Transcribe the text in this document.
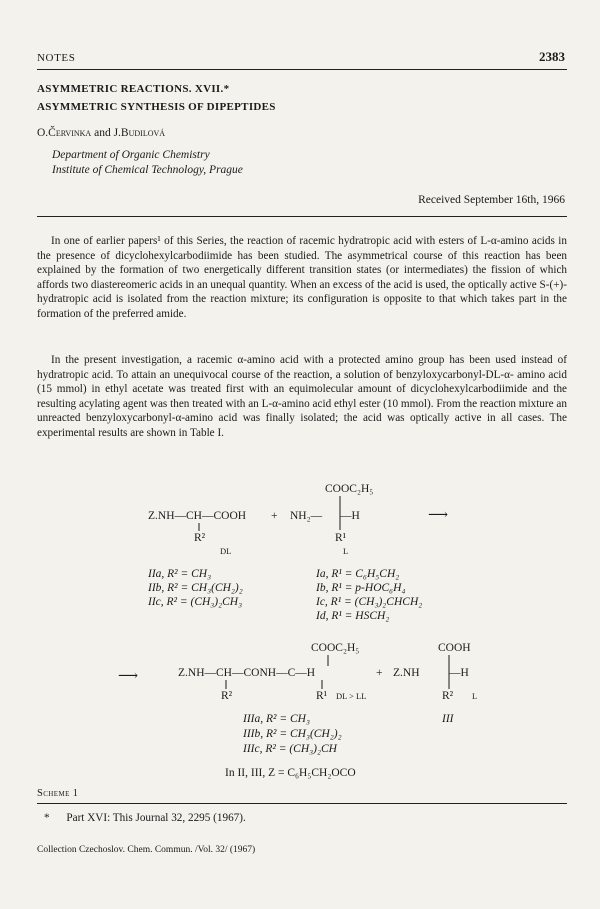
NOTES	2383
ASYMMETRIC REACTIONS. XVII.*
ASYMMETRIC SYNTHESIS OF DIPEPTIDES
O.Červinka and J.Budilová
Department of Organic Chemistry
Institute of Chemical Technology, Prague
Received September 16th, 1966
In one of earlier papers¹ of this Series, the reaction of racemic hydratropic acid with esters of L-α-amino acids in the presence of dicyclohexylcarbodiimide has been studied. The asymmetrical course of this reaction has been explained by the formation of two energetically different transition states (or intermediates) the fission of which affords two diastereomeric acids in an unequal quantity. When an excess of the acid is used, the optically active S-(+)-hydratropic acid is isolated from the reaction mixture; its configuration is opposite to that which takes part in the formation of the preferred amide.
In the present investigation, a racemic α-amino acid with a protected amino group has been used instead of hydratropic acid. To attain an unequivocal course of the reaction, a solution of benzyloxycarbonyl-DL-α- amino acid (15 mmol) in ethyl acetate was treated first with an equimolecular amount of dicyclohexylcarbodiimide and the resulting acylating agent was then treated with an L-α-amino acid ethyl ester (10 mmol). From the reaction mixture an unreacted benzyloxycarbonyl-α-amino acid was finally isolated; the acid was optically active in all cases. The experimental results are shown in Table I.
Z.NH—CH—COOH + NH₂— —H
COOC₂H₅
R²	R¹
DL	L
⟶
IIa, R² = CH₃
IIb, R² = CH₃(CH₂)₂
IIc, R² = (CH₃)₂CH₃
Ia, R¹ = C₆H₅CH₂
Ib, R¹ = p-HOC₆H₄
Ic, R¹ = (CH₃)₂CHCH₂
Id, R¹ = HSCH₂
⟶	Z.NH—CH—CONH—C—H
COOC₂H₅
R²	R¹ DL > LL
+ Z.NH	—H
COOH
R² L
IIIa, R² = CH₃
IIIb, R² = CH₃(CH₂)₂
IIIc, R² = (CH₃)₂CH
III
In II, III, Z = C₆H₅CH₂OCO
Scheme 1
* Part XVI: This Journal 32, 2295 (1967).
Collection Czechoslov. Chem. Commun. /Vol. 32/ (1967)
